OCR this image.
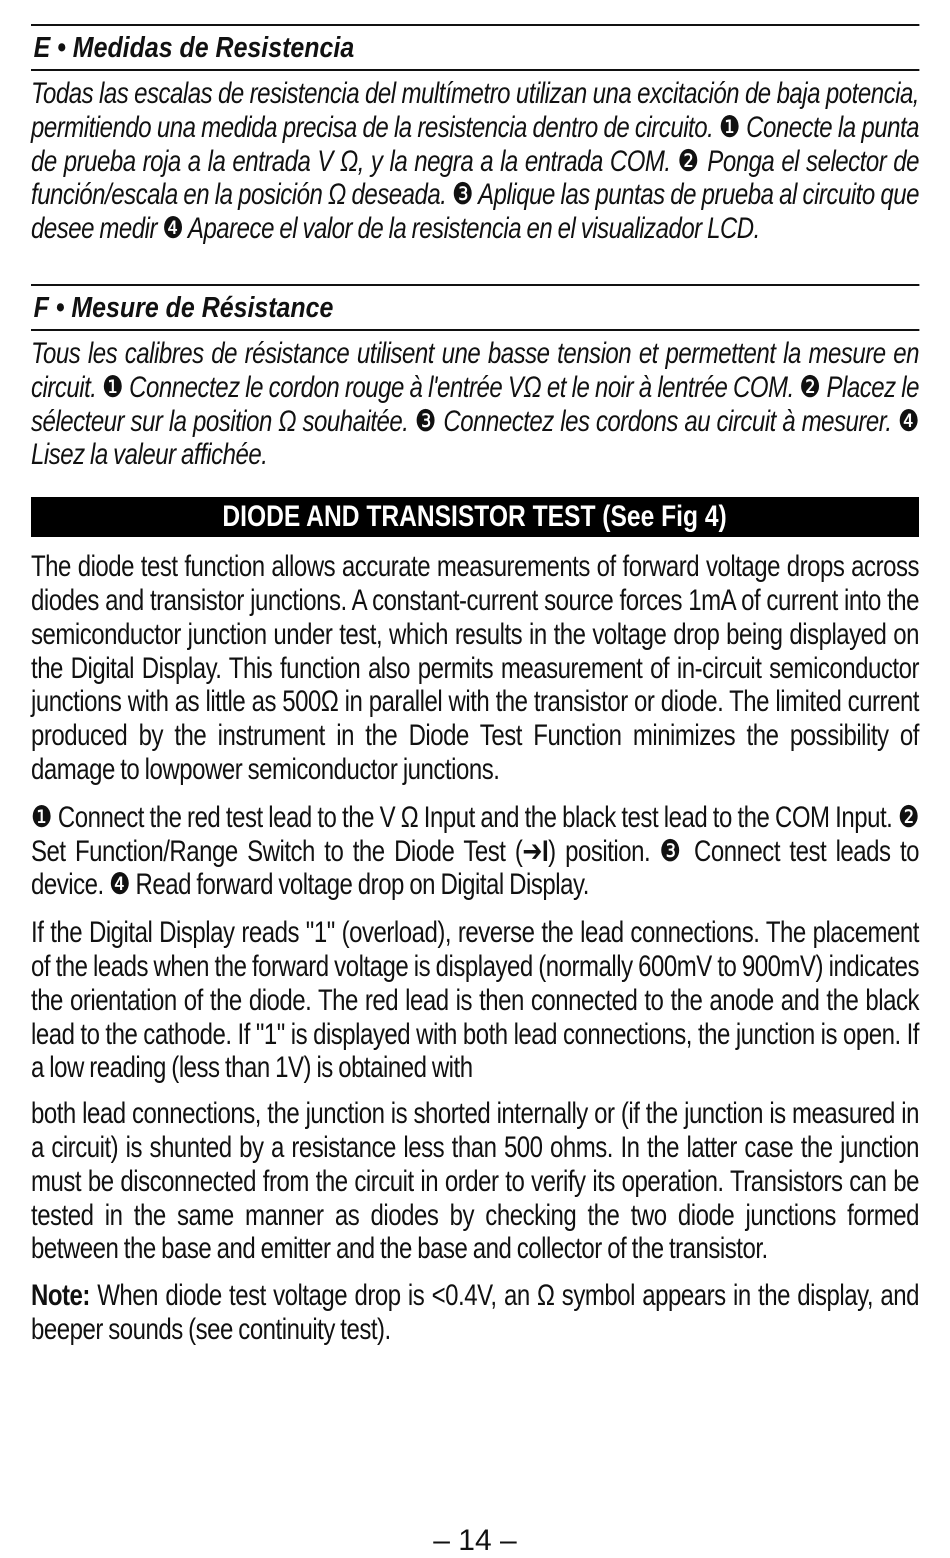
E • Medidas de Resistencia

Todas las escalas de resistencia del multímetro utilizan una excitación de baja potencia, permitiendo una medida precisa de la resistencia dentro de circuito. ❶ Conecte la punta de prueba roja a la entrada V Ω, y la negra a la entrada COM. ❷ Ponga el selector de función/escala en la posición Ω deseada. ❸ Aplique las puntas de prueba al circuito que desee medir ❹ Aparece el valor de la resistencia en el visualizador LCD.

F • Mesure de Résistance

Tous les calibres de résistance utilisent une basse tension et permettent la mesure en circuit. ❶ Connectez le cordon rouge à l'entrée VΩ et le noir à lentrée COM. ❷ Placez le sélecteur sur la position Ω souhaitée. ❸ Connectez les cordons au circuit à mesurer. ❹ Lisez la valeur affichée.

DIODE AND TRANSISTOR TEST (See Fig 4)

The diode test function allows accurate measurements of forward voltage drops across diodes and transistor junctions. A constant-current source forces 1mA of current into the semiconductor junction under test, which results in the voltage drop being displayed on the Digital Display. This function also permits measurement of in-circuit semiconductor junctions with as little as 500Ω in parallel with the transistor or diode. The limited current produced by the instrument in the Diode Test Function minimizes the possibility of damage to lowpower semiconductor junctions.

❶ Connect the red test lead to the V Ω Input and the black test lead to the COM Input. ❷ Set Function/Range Switch to the Diode Test (➔I) position. ❸ Connect test leads to device. ❹ Read forward voltage drop on Digital Display.

If the Digital Display reads "1" (overload), reverse the lead connections. The placement of the leads when the forward voltage is displayed (normally 600mV to 900mV) indicates the orientation of the diode. The red lead is then connected to the anode and the black lead to the cathode. If "1" is displayed with both lead connections, the junction is open. If a low reading (less than 1V) is obtained with

both lead connections, the junction is shorted internally or (if the junction is measured in a circuit) is shunted by a resistance less than 500 ohms. In the latter case the junction must be disconnected from the circuit in order to verify its operation. Transistors can be tested in the same manner as diodes by checking the two diode junctions formed between the base and emitter and the base and collector of the transistor.

Note: When diode test voltage drop is <0.4V, an Ω symbol appears in the display, and beeper sounds (see continuity test).

– 14 –
